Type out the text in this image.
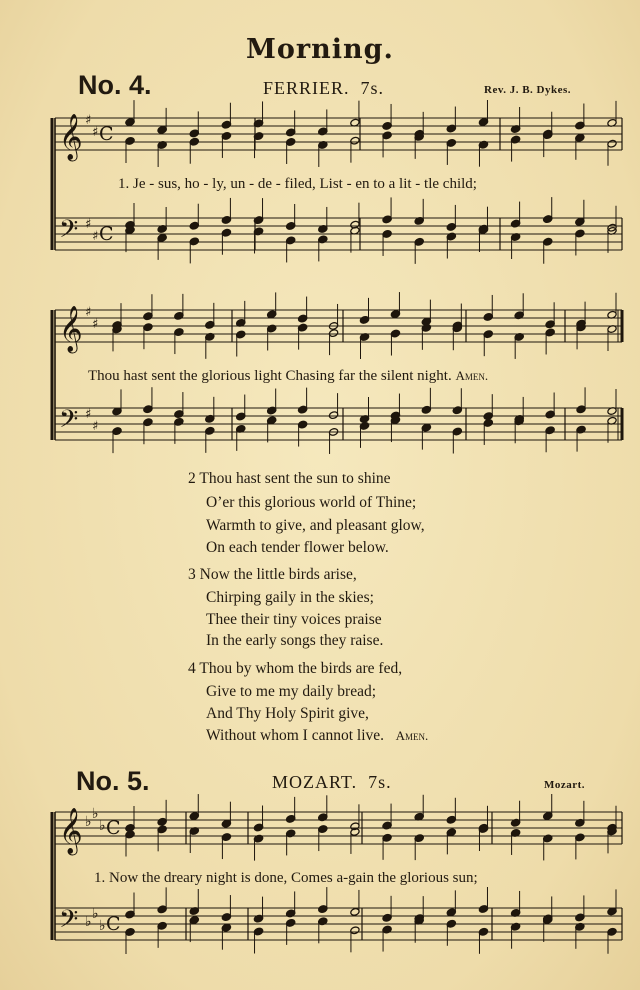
Morning.
No. 4.	FERRIER. 7s.	Rev. J. B. Dykes.
𝄞
𝄢
♯
♯
♯
♯
C
C
𝄞
𝄢
♯
♯
♯
♯
𝄞
𝄢
♭
♭
♭
♭
♭
♭
C
C
1. Je - sus, ho - ly, un - de - filed, List - en to a lit - tle child;
Thou hast sent the glorious light Chasing far the silent night. Amen.
2 Thou hast sent the sun to shine
O’er this glorious world of Thine;
Warmth to give, and pleasant glow,
On each tender flower below.
3 Now the little birds arise,
Chirping gaily in the skies;
Thee their tiny voices praise
In the early songs they raise.
4 Thou by whom the birds are fed,
Give to me my daily bread;
And Thy Holy Spirit give,
Without whom I cannot live. Amen.
No. 5.	MOZART. 7s.	Mozart.
1. Now the dreary night is done, Comes a-gain the glorious sun;
